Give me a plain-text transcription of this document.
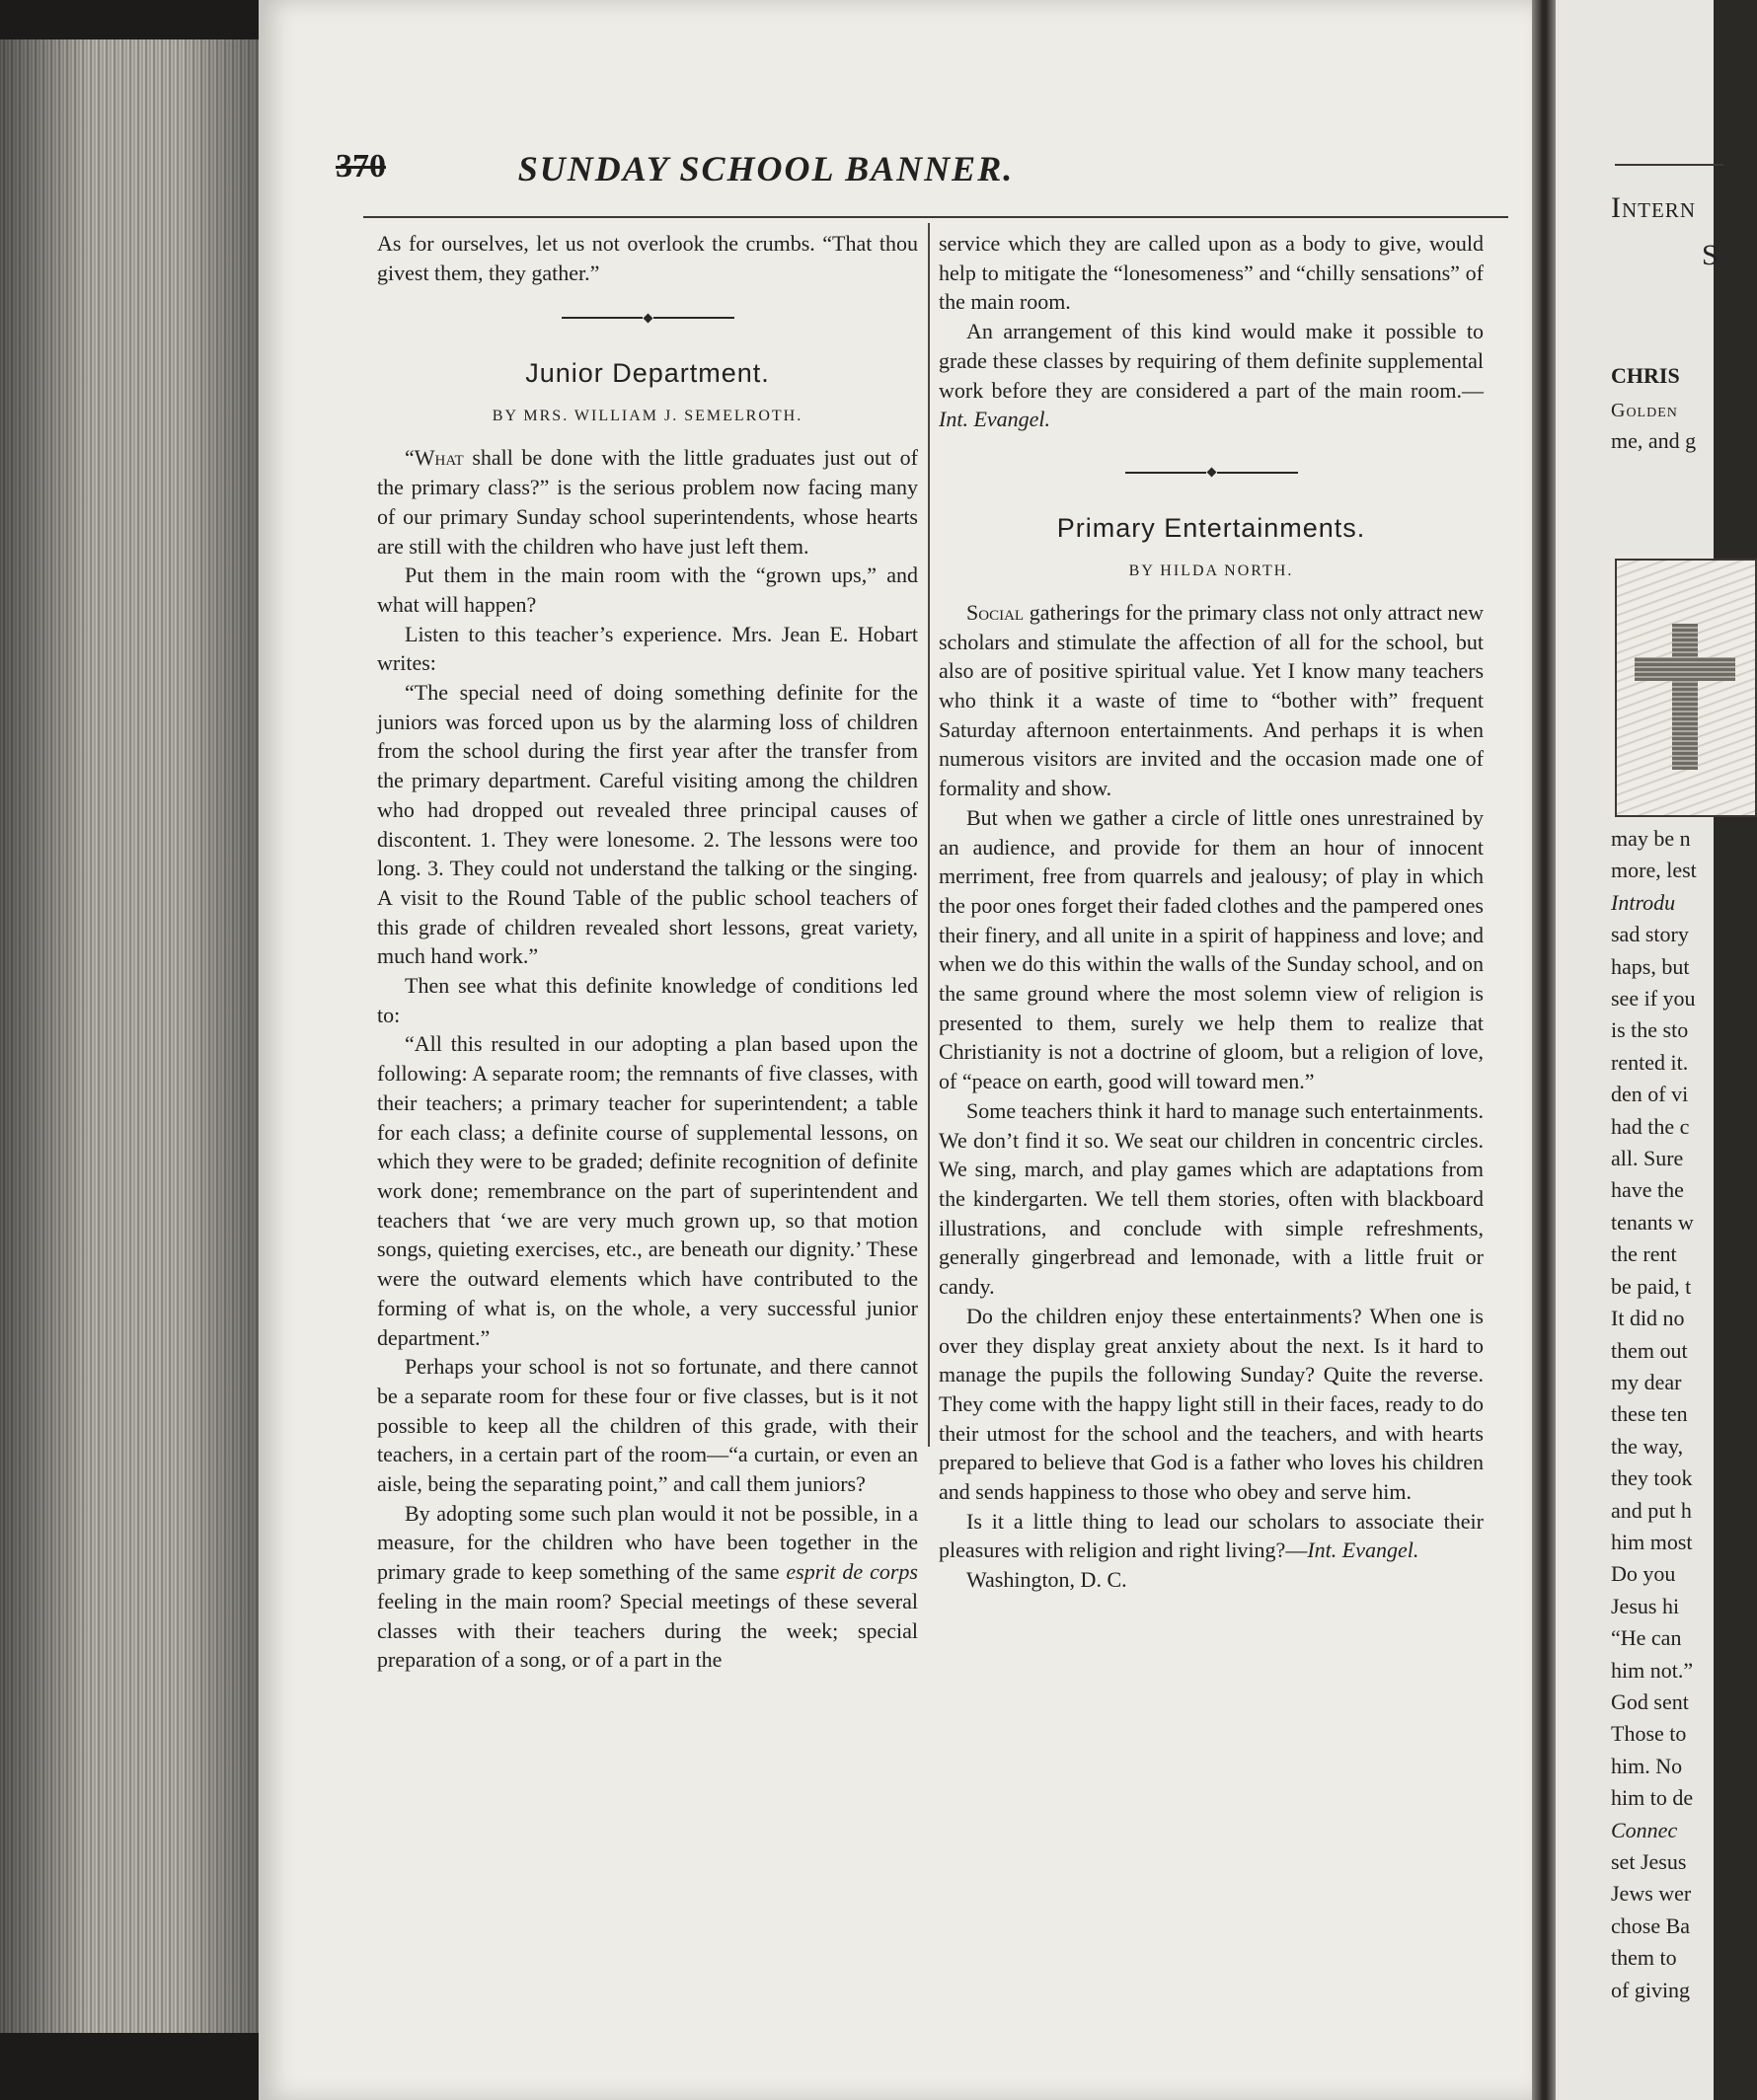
370	SUNDAY SCHOOL BANNER.

As for ourselves, let us not overlook the crumbs. “That thou givest them, they gather.”

Junior Department.
BY MRS. WILLIAM J. SEMELROTH.

“What shall be done with the little graduates just out of the primary class?” is the serious problem now facing many of our primary Sunday school superintendents, whose hearts are still with the children who have just left them.

Put them in the main room with the “grown ups,” and what will happen?

Listen to this teacher’s experience. Mrs. Jean E. Hobart writes:

“The special need of doing something definite for the juniors was forced upon us by the alarming loss of children from the school during the first year after the transfer from the primary department. Careful visiting among the children who had dropped out revealed three principal causes of discontent. 1. They were lonesome. 2. The lessons were too long. 3. They could not understand the talking or the singing. A visit to the Round Table of the public school teachers of this grade of children revealed short lessons, great variety, much hand work.”

Then see what this definite knowledge of conditions led to:

“All this resulted in our adopting a plan based upon the following: A separate room; the remnants of five classes, with their teachers; a primary teacher for superintendent; a table for each class; a definite course of supplemental lessons, on which they were to be graded; definite recognition of definite work done; remembrance on the part of superintendent and teachers that ‘we are very much grown up, so that motion songs, quieting exercises, etc., are beneath our dignity.’ These were the outward elements which have contributed to the forming of what is, on the whole, a very successful junior department.”

Perhaps your school is not so fortunate, and there cannot be a separate room for these four or five classes, but is it not possible to keep all the children of this grade, with their teachers, in a certain part of the room—“a curtain, or even an aisle, being the separating point,” and call them juniors?

By adopting some such plan would it not be possible, in a measure, for the children who have been together in the primary grade to keep something of the same esprit de corps feeling in the main room? Special meetings of these several classes with their teachers during the week; special preparation of a song, or of a part in the

service which they are called upon as a body to give, would help to mitigate the “lonesomeness” and “chilly sensations” of the main room.

An arrangement of this kind would make it possible to grade these classes by requiring of them definite supplemental work before they are considered a part of the main room.—Int. Evangel.

Primary Entertainments.
BY HILDA NORTH.

Social gatherings for the primary class not only attract new scholars and stimulate the affection of all for the school, but also are of positive spiritual value. Yet I know many teachers who think it a waste of time to “bother with” frequent Saturday afternoon entertainments. And perhaps it is when numerous visitors are invited and the occasion made one of formality and show.

But when we gather a circle of little ones unrestrained by an audience, and provide for them an hour of innocent merriment, free from quarrels and jealousy; of play in which the poor ones forget their faded clothes and the pampered ones their finery, and all unite in a spirit of happiness and love; and when we do this within the walls of the Sunday school, and on the same ground where the most solemn view of religion is presented to them, surely we help them to realize that Christianity is not a doctrine of gloom, but a religion of love, of “peace on earth, good will toward men.”

Some teachers think it hard to manage such entertainments. We don’t find it so. We seat our children in concentric circles. We sing, march, and play games which are adaptations from the kindergarten. We tell them stories, often with blackboard illustrations, and conclude with simple refreshments, generally gingerbread and lemonade, with a little fruit or candy.

Do the children enjoy these entertainments? When one is over they display great anxiety about the next. Is it hard to manage the pupils the following Sunday? Quite the reverse. They come with the happy light still in their faces, ready to do their utmost for the school and the teachers, and with hearts prepared to believe that God is a father who loves his children and sends happiness to those who obey and serve him.

Is it a little thing to lead our scholars to associate their pleasures with religion and right living?—Int. Evangel.

Washington, D. C.

Intern
S
CHRIS
Golden
me, and g
may be n
more, lest
Introdu
sad story
haps, but
see if you
is the sto
rented it.
den of vi
had the c
all. Sure
have the
tenants w
the rent
be paid, t
It did no
them out
my dear
these ten
the way,
they took
and put h
him most
Do you
Jesus hi
“He can
him not.”
God sent
Those to
him. No
him to de
Connec
set Jesus
Jews wer
chose Ba
them to
of giving
